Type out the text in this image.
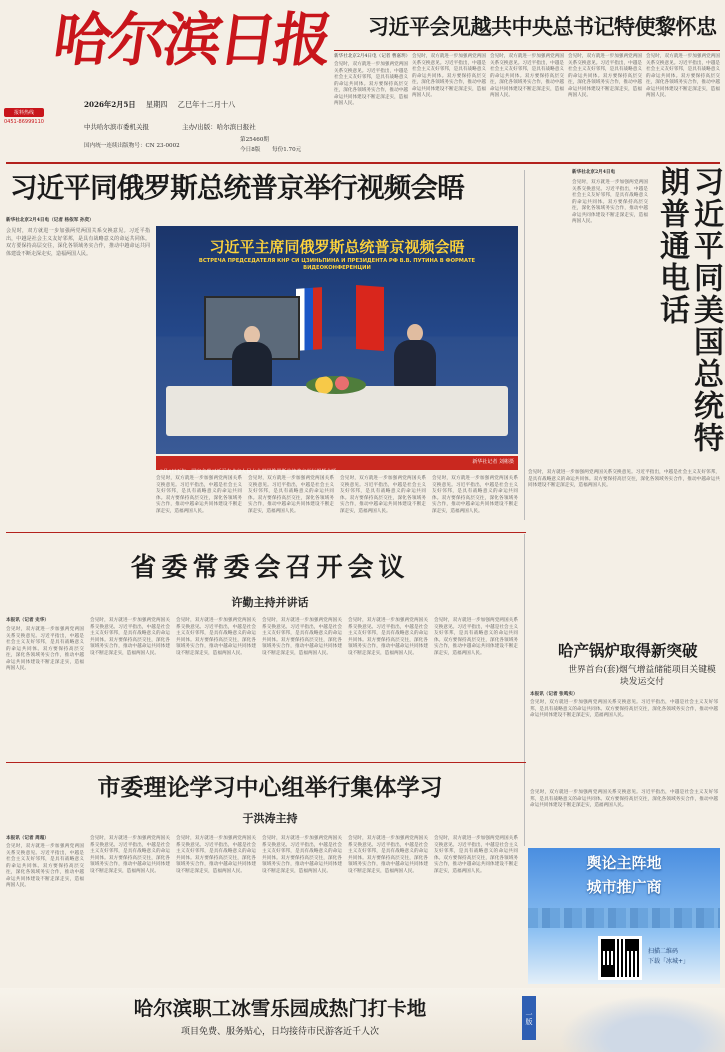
哈尔滨日报
2026年2月5日 星期四 乙巳年十二月十八
报料热线
0451-86999110
中共哈尔滨市委机关报	主办/出版：哈尔滨日报社
国内统一连续出版物号：CN 23-0002
第25460期
今日8版 每份1.70元
习近平会见越共中央总书记特使黎怀忠
新华社北京2月4日电（记者 曹嘉玥）
会见时，双方就进一步加强两党两国关系交换意见。习近平指出，中越是社会主义友好邻邦，是具有战略意义的命运共同体。双方要保持高层交往，深化各领域务实合作，推动中越命运共同体建设不断走深走实，造福两国人民。
会见时，双方就进一步加强两党两国关系交换意见。习近平指出，中越是社会主义友好邻邦，是具有战略意义的命运共同体。双方要保持高层交往，深化各领域务实合作，推动中越命运共同体建设不断走深走实，造福两国人民。
会见时，双方就进一步加强两党两国关系交换意见。习近平指出，中越是社会主义友好邻邦，是具有战略意义的命运共同体。双方要保持高层交往，深化各领域务实合作，推动中越命运共同体建设不断走深走实，造福两国人民。
会见时，双方就进一步加强两党两国关系交换意见。习近平指出，中越是社会主义友好邻邦，是具有战略意义的命运共同体。双方要保持高层交往，深化各领域务实合作，推动中越命运共同体建设不断走深走实，造福两国人民。
会见时，双方就进一步加强两党两国关系交换意见。习近平指出，中越是社会主义友好邻邦，是具有战略意义的命运共同体。双方要保持高层交往，深化各领域务实合作，推动中越命运共同体建设不断走深走实，造福两国人民。
习近平同俄罗斯总统普京举行视频会晤
新华社北京2月4日电（记者 杨依军 孙奕）
会见时，双方就进一步加强两党两国关系交换意见。习近平指出，中越是社会主义友好邻邦，是具有战略意义的命运共同体。双方要保持高层交往，深化各领域务实合作，推动中越命运共同体建设不断走深走实，造福两国人民。	习近平主席同俄罗斯总统普京视频会晤
ВСТРЕЧА ПРЕДСЕДАТЕЛЯ КНР СИ ЦЗИНЬПИНА И ПРЕЗИДЕНТА РФ В.В. ПУТИНА В ФОРМАТЕ ВИДЕОКОНФЕРЕНЦИИ
2月4日下午，国家主席习近平在北京人民大会堂同俄罗斯总统普京举行视频会晤。
新华社记者 刘彬摄
会见时，双方就进一步加强两党两国关系交换意见。习近平指出，中越是社会主义友好邻邦，是具有战略意义的命运共同体。双方要保持高层交往，深化各领域务实合作，推动中越命运共同体建设不断走深走实，造福两国人民。
会见时，双方就进一步加强两党两国关系交换意见。习近平指出，中越是社会主义友好邻邦，是具有战略意义的命运共同体。双方要保持高层交往，深化各领域务实合作，推动中越命运共同体建设不断走深走实，造福两国人民。
会见时，双方就进一步加强两党两国关系交换意见。习近平指出，中越是社会主义友好邻邦，是具有战略意义的命运共同体。双方要保持高层交往，深化各领域务实合作，推动中越命运共同体建设不断走深走实，造福两国人民。
会见时，双方就进一步加强两党两国关系交换意见。习近平指出，中越是社会主义友好邻邦，是具有战略意义的命运共同体。双方要保持高层交往，深化各领域务实合作，推动中越命运共同体建设不断走深走实，造福两国人民。
新华社北京2月4日电
会见时，双方就进一步加强两党两国关系交换意见。习近平指出，中越是社会主义友好邻邦，是具有战略意义的命运共同体。双方要保持高层交往，深化各领域务实合作，推动中越命运共同体建设不断走深走实，造福两国人民。
会见时，双方就进一步加强两党两国关系交换意见。习近平指出，中越是社会主义友好邻邦，是具有战略意义的命运共同体。双方要保持高层交往，深化各领域务实合作，推动中越命运共同体建设不断走深走实，造福两国人民。
习近平同美国总统特朗普通电话
省委常委会召开会议
许勤主持并讲话
本报讯（记者 史华）
会见时，双方就进一步加强两党两国关系交换意见。习近平指出，中越是社会主义友好邻邦，是具有战略意义的命运共同体。双方要保持高层交往，深化各领域务实合作，推动中越命运共同体建设不断走深走实，造福两国人民。
会见时，双方就进一步加强两党两国关系交换意见。习近平指出，中越是社会主义友好邻邦，是具有战略意义的命运共同体。双方要保持高层交往，深化各领域务实合作，推动中越命运共同体建设不断走深走实，造福两国人民。
会见时，双方就进一步加强两党两国关系交换意见。习近平指出，中越是社会主义友好邻邦，是具有战略意义的命运共同体。双方要保持高层交往，深化各领域务实合作，推动中越命运共同体建设不断走深走实，造福两国人民。
会见时，双方就进一步加强两党两国关系交换意见。习近平指出，中越是社会主义友好邻邦，是具有战略意义的命运共同体。双方要保持高层交往，深化各领域务实合作，推动中越命运共同体建设不断走深走实，造福两国人民。
会见时，双方就进一步加强两党两国关系交换意见。习近平指出，中越是社会主义友好邻邦，是具有战略意义的命运共同体。双方要保持高层交往，深化各领域务实合作，推动中越命运共同体建设不断走深走实，造福两国人民。
会见时，双方就进一步加强两党两国关系交换意见。习近平指出，中越是社会主义友好邻邦，是具有战略意义的命运共同体。双方要保持高层交往，深化各领域务实合作，推动中越命运共同体建设不断走深走实，造福两国人民。	哈产锅炉取得新突破
世界首台(套)烟气增益储能项目关键模块发运交付
本报讯（记者 张鸣实）
会见时，双方就进一步加强两党两国关系交换意见。习近平指出，中越是社会主义友好邻邦，是具有战略意义的命运共同体。双方要保持高层交往，深化各领域务实合作，推动中越命运共同体建设不断走深走实，造福两国人民。
会见时，双方就进一步加强两党两国关系交换意见。习近平指出，中越是社会主义友好邻邦，是具有战略意义的命运共同体。双方要保持高层交往，深化各领域务实合作，推动中越命运共同体建设不断走深走实，造福两国人民。
市委理论学习中心组举行集体学习
于洪涛主持
本报讯（记者 周超）
会见时，双方就进一步加强两党两国关系交换意见。习近平指出，中越是社会主义友好邻邦，是具有战略意义的命运共同体。双方要保持高层交往，深化各领域务实合作，推动中越命运共同体建设不断走深走实，造福两国人民。
会见时，双方就进一步加强两党两国关系交换意见。习近平指出，中越是社会主义友好邻邦，是具有战略意义的命运共同体。双方要保持高层交往，深化各领域务实合作，推动中越命运共同体建设不断走深走实，造福两国人民。
会见时，双方就进一步加强两党两国关系交换意见。习近平指出，中越是社会主义友好邻邦，是具有战略意义的命运共同体。双方要保持高层交往，深化各领域务实合作，推动中越命运共同体建设不断走深走实，造福两国人民。
会见时，双方就进一步加强两党两国关系交换意见。习近平指出，中越是社会主义友好邻邦，是具有战略意义的命运共同体。双方要保持高层交往，深化各领域务实合作，推动中越命运共同体建设不断走深走实，造福两国人民。
会见时，双方就进一步加强两党两国关系交换意见。习近平指出，中越是社会主义友好邻邦，是具有战略意义的命运共同体。双方要保持高层交往，深化各领域务实合作，推动中越命运共同体建设不断走深走实，造福两国人民。
会见时，双方就进一步加强两党两国关系交换意见。习近平指出，中越是社会主义友好邻邦，是具有战略意义的命运共同体。双方要保持高层交往，深化各领域务实合作，推动中越命运共同体建设不断走深走实，造福两国人民。	舆论主阵地
城市推广商
扫描二维码
下载「冰城+」
哈尔滨职工冰雪乐园成热门打卡地
项目免费、服务贴心，日均接待市民游客近千人次
一版
